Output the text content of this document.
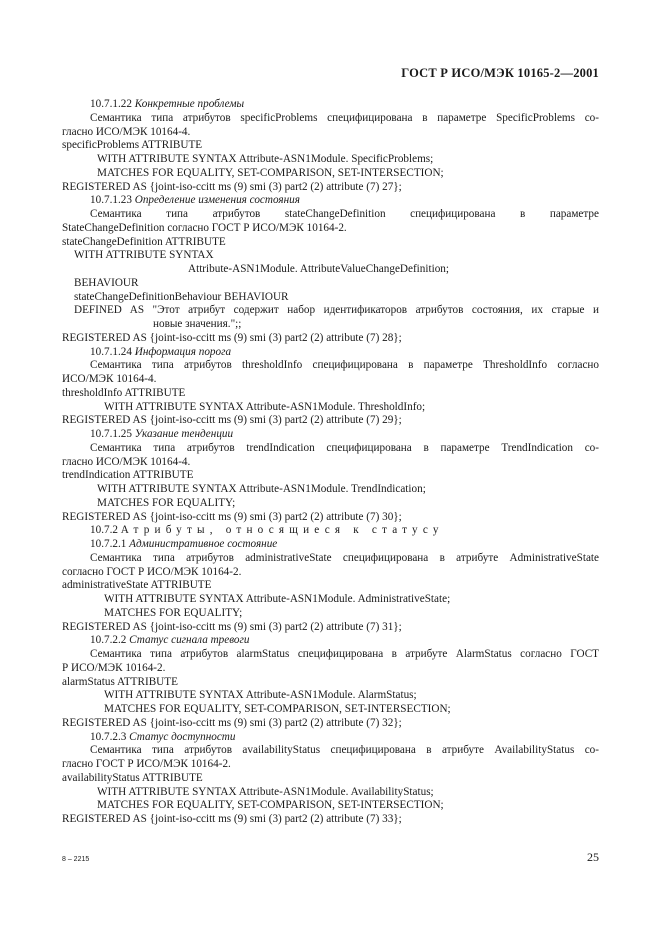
ГОСТ Р ИСО/МЭК 10165-2—2001
10.7.1.22 Конкретные проблемы
Семантика типа атрибутов specificProblems специфицирована в параметре SpecificProblems со-
гласно ИСО/МЭК 10164-4.
specificProblems ATTRIBUTE
WITH ATTRIBUTE SYNTAX Attribute-ASN1Module. SpecificProblems;
MATCHES FOR EQUALITY, SET-COMPARISON, SET-INTERSECTION;
REGISTERED AS {joint-iso-ccitt ms (9) smi (3) part2 (2) attribute (7) 27};
10.7.1.23 Определение изменения состояния
Семантика типа атрибутов stateChangeDefinition специфицирована в параметре
StateChangeDefinition согласно ГОСТ Р ИСО/МЭК 10164-2.
stateChangeDefinition ATTRIBUTE
WITH ATTRIBUTE SYNTAX
Attribute-ASN1Module. AttributeValueChangeDefinition;
BEHAVIOUR
stateChangeDefinitionBehaviour BEHAVIOUR
DEFINED AS "Этот атрибут содержит набор идентификаторов атрибутов состояния, их старые и
новые значения.";;
REGISTERED AS {joint-iso-ccitt ms (9) smi (3) part2 (2) attribute (7) 28};
10.7.1.24 Информация порога
Семантика типа атрибутов thresholdInfo специфицирована в параметре ThresholdInfo согласно
ИСО/МЭК 10164-4.
thresholdInfo ATTRIBUTE
WITH ATTRIBUTE SYNTAX Attribute-ASN1Module. ThresholdInfo;
REGISTERED AS {joint-iso-ccitt ms (9) smi (3) part2 (2) attribute (7) 29};
10.7.1.25 Указание тенденции
Семантика типа атрибутов trendIndication специфицирована в параметре TrendIndication со-
гласно ИСО/МЭК 10164-4.
trendIndication ATTRIBUTE
WITH ATTRIBUTE SYNTAX Attribute-ASN1Module. TrendIndication;
MATCHES FOR EQUALITY;
REGISTERED AS {joint-iso-ccitt ms (9) smi (3) part2 (2) attribute (7) 30};
10.7.2 Атрибуты, относящиеся к статусу
10.7.2.1 Административное состояние
Семантика типа атрибутов administrativeState специфицирована в атрибуте AdministrativeState
согласно ГОСТ Р ИСО/МЭК 10164-2.
administrativeState ATTRIBUTE
WITH ATTRIBUTE SYNTAX Attribute-ASN1Module. AdministrativeState;
MATCHES FOR EQUALITY;
REGISTERED AS {joint-iso-ccitt ms (9) smi (3) part2 (2) attribute (7) 31};
10.7.2.2 Статус сигнала тревоги
Семантика типа атрибутов alarmStatus специфицирована в атрибуте AlarmStatus согласно ГОСТ
Р ИСО/МЭК 10164-2.
alarmStatus ATTRIBUTE
WITH ATTRIBUTE SYNTAX Attribute-ASN1Module. AlarmStatus;
MATCHES FOR EQUALITY, SET-COMPARISON, SET-INTERSECTION;
REGISTERED AS {joint-iso-ccitt ms (9) smi (3) part2 (2) attribute (7) 32};
10.7.2.3 Статус доступности
Семантика типа атрибутов availabilityStatus специфицирована в атрибуте AvailabilityStatus со-
гласно ГОСТ Р ИСО/МЭК 10164-2.
availabilityStatus ATTRIBUTE
WITH ATTRIBUTE SYNTAX Attribute-ASN1Module. AvailabilityStatus;
MATCHES FOR EQUALITY, SET-COMPARISON, SET-INTERSECTION;
REGISTERED AS {joint-iso-ccitt ms (9) smi (3) part2 (2) attribute (7) 33};
8 – 2215	25
